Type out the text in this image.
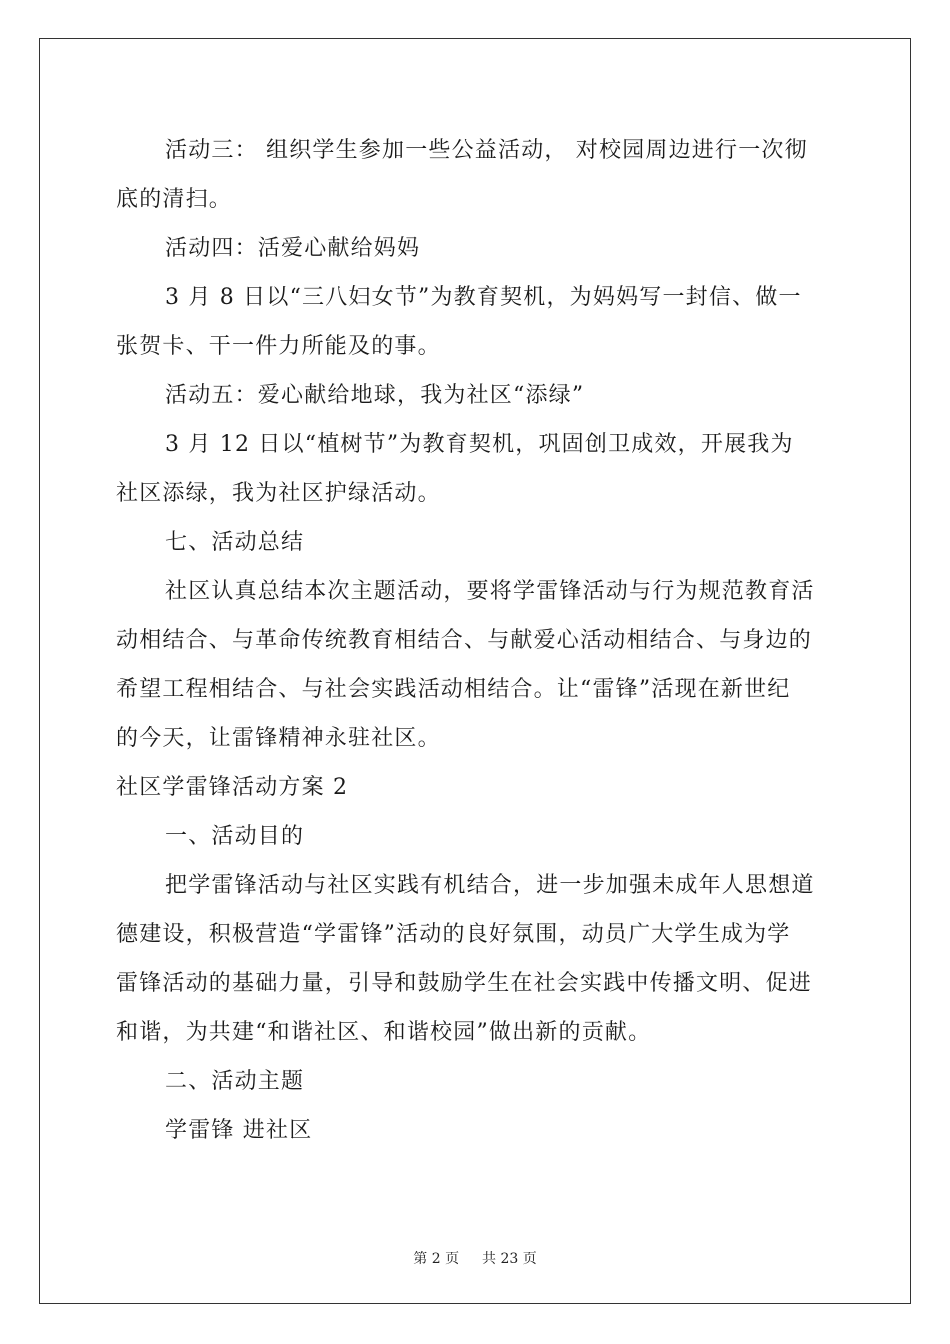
活动三： 组织学生参加一些公益活动， 对校园周边进行一次彻
底的清扫。
活动四：活爱心献给妈妈
3 月 8 日以“三八妇女节”为教育契机，为妈妈写一封信、做一
张贺卡、干一件力所能及的事。
活动五：爱心献给地球，我为社区“添绿”
3 月 12 日以“植树节”为教育契机，巩固创卫成效，开展我为
社区添绿，我为社区护绿活动。
七、活动总结
社区认真总结本次主题活动，要将学雷锋活动与行为规范教育活
动相结合、与革命传统教育相结合、与献爱心活动相结合、与身边的
希望工程相结合、与社会实践活动相结合。让“雷锋”活现在新世纪
的今天，让雷锋精神永驻社区。
社区学雷锋活动方案 2
一、活动目的
把学雷锋活动与社区实践有机结合，进一步加强未成年人思想道
德建设，积极营造“学雷锋”活动的良好氛围，动员广大学生成为学
雷锋活动的基础力量，引导和鼓励学生在社会实践中传播文明、促进
和谐，为共建“和谐社区、和谐校园”做出新的贡献。
二、活动主题
学雷锋 进社区
第 2 页 共 23 页
